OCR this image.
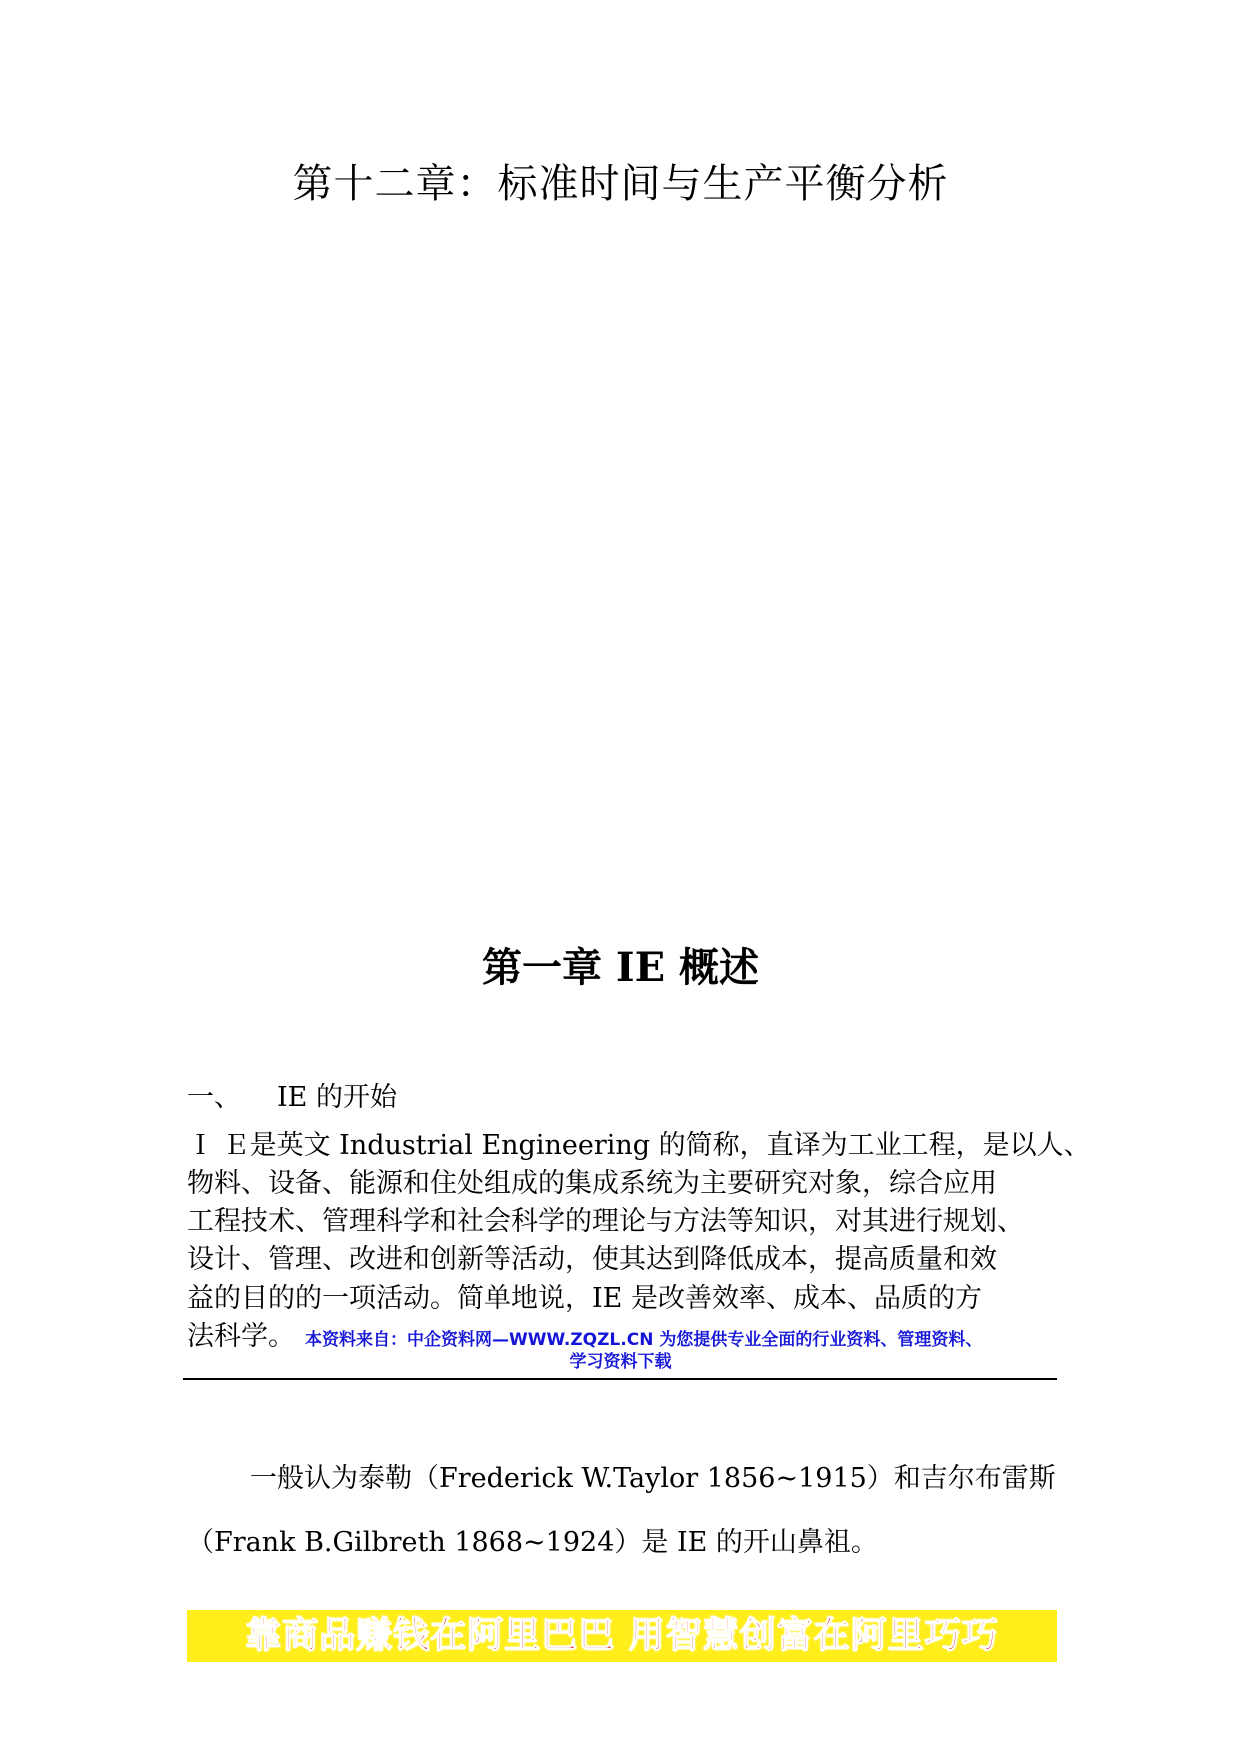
第十二章：标准时间与生产平衡分析
第一章 IE 概述
一、 IE 的开始
Ｉ Ｅ是英文 Industrial Engineering 的简称，直译为工业工程，是以人、
物料、设备、能源和住处组成的集成系统为主要研究对象，综合应用
工程技术、管理科学和社会科学的理论与方法等知识，对其进行规划、
设计、管理、改进和创新等活动，使其达到降低成本，提高质量和效
益的目的的一项活动。简单地说，IE 是改善效率、成本、品质的方
法科学。 本资料来自：中企资料网—WWW.ZQZL.CN 为您提供专业全面的行业资料、管理资料、
学习资料下载
一般认为泰勒（Frederick W.Taylor 1856~1915）和吉尔布雷斯
（Frank B.Gilbreth 1868~1924）是 IE 的开山鼻祖。
靠商品赚钱在阿里巴巴 用智慧创富在阿里巧巧
